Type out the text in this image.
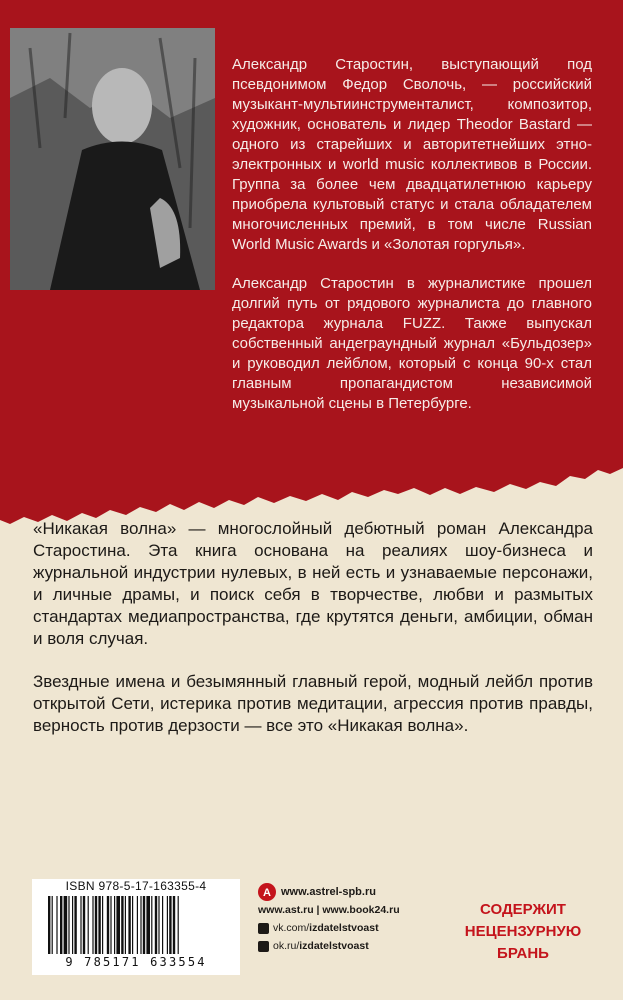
Александр Старостин, выступающий под псевдонимом Федор Сволочь, — российский музыкант-мультиинструменталист, композитор, художник, основатель и лидер Theodor Bastard — одного из старейших и авторитетнейших этно-электронных и world music коллективов в России. Группа за более чем двадцатилетнюю карьеру приобрела культовый статус и стала обладателем многочисленных премий, в том числе Russian World Music Awards и «Золотая горгулья».

Александр Старостин в журналистике прошел долгий путь от рядового журналиста до главного редактора журнала FUZZ. Также выпускал собственный андеграундный журнал «Бульдозер» и руководил лейблом, который с конца 90-х стал главным пропагандистом независимой музыкальной сцены в Петербурге.

«Никакая волна» — многослойный дебютный роман Александра Старостина. Эта книга основана на реалиях шоу-бизнеса и журнальной индустрии нулевых, в ней есть и узнаваемые персонажи, и личные драмы, и поиск себя в творчестве, любви и размытых стандартах медиапространства, где крутятся деньги, амбиции, обман и воля случая.

Звездные имена и безымянный главный герой, модный лейбл против открытой Сети, истерика против медитации, агрессия против правды, верность против дерзости — все это «Никакая волна».

ISBN 978-5-17-163355-4
9 785171 633554
A www.astrel-spb.ru
www.ast.ru | www.book24.ru
vk.com/ izdatelstvoast
ok.ru/ izdatelstvoast
СОДЕРЖИТ
НЕЦЕНЗУРНУЮ
БРАНЬ
